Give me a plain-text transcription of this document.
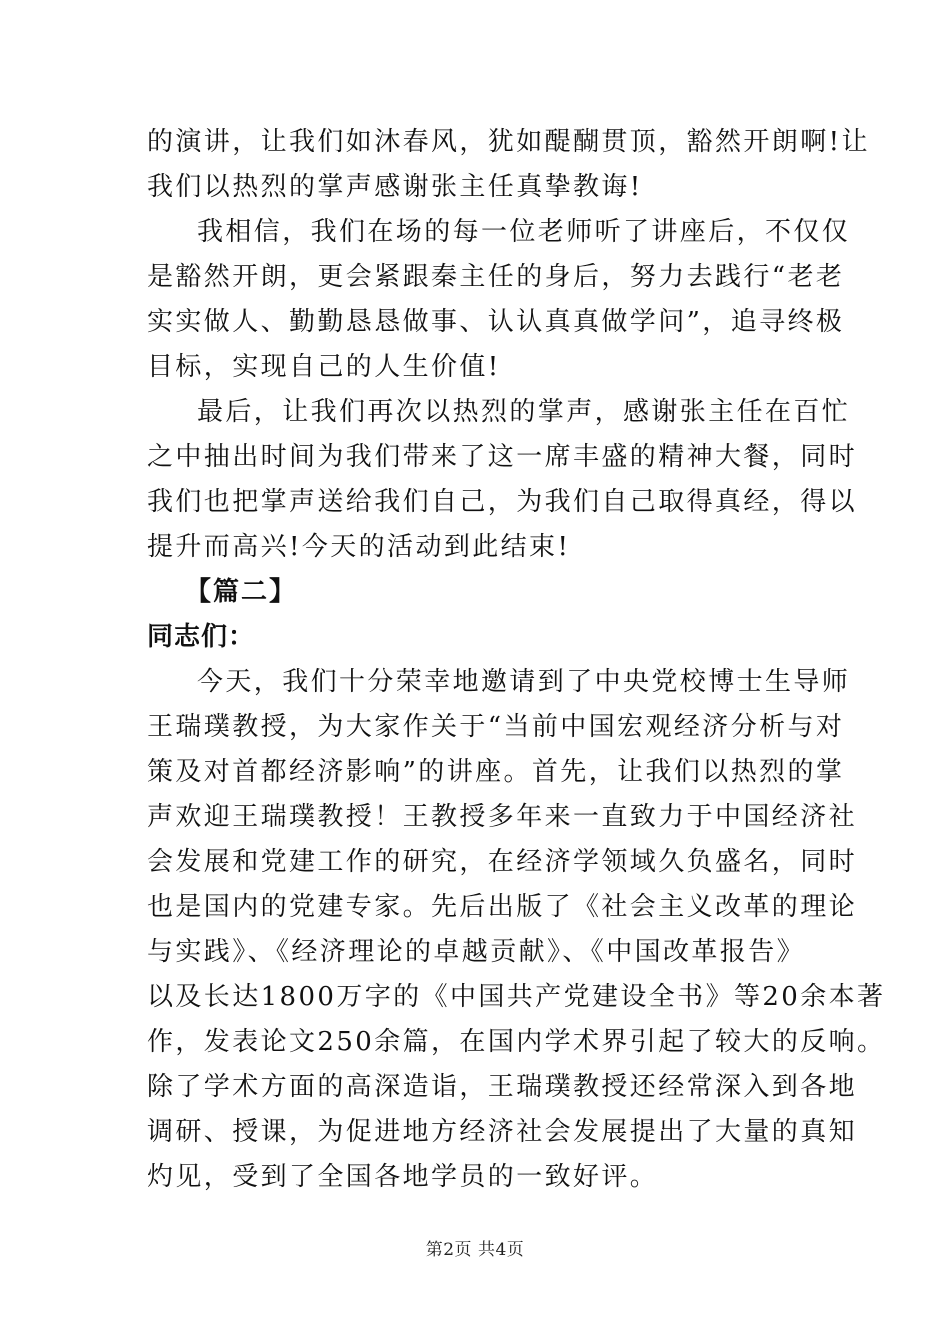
的演讲，让我们如沐春风，犹如醍醐贯顶，豁然开朗啊!让
我们以热烈的掌声感谢张主任真挚教诲!
我相信，我们在场的每一位老师听了讲座后，不仅仅
是豁然开朗，更会紧跟秦主任的身后，努力去践行“老老
实实做人、勤勤恳恳做事、认认真真做学问”，追寻终极
目标，实现自己的人生价值!
最后，让我们再次以热烈的掌声，感谢张主任在百忙
之中抽出时间为我们带来了这一席丰盛的精神大餐，同时
我们也把掌声送给我们自己，为我们自己取得真经，得以
提升而高兴!今天的活动到此结束!
【篇二】
同志们：
今天，我们十分荣幸地邀请到了中央党校博士生导师
王瑞璞教授，为大家作关于“当前中国宏观经济分析与对
策及对首都经济影响”的讲座。首先，让我们以热烈的掌
声欢迎王瑞璞教授！王教授多年来一直致力于中国经济社
会发展和党建工作的研究，在经济学领域久负盛名，同时
也是国内的党建专家。先后出版了《社会主义改革的理论
与实践》、《经济理论的卓越贡献》、《中国改革报告》
以及长达1800万字的《中国共产党建设全书》等20余本著
作，发表论文250余篇，在国内学术界引起了较大的反响。
除了学术方面的高深造诣，王瑞璞教授还经常深入到各地
调研、授课，为促进地方经济社会发展提出了大量的真知
灼见，受到了全国各地学员的一致好评。
第2页 共4页
